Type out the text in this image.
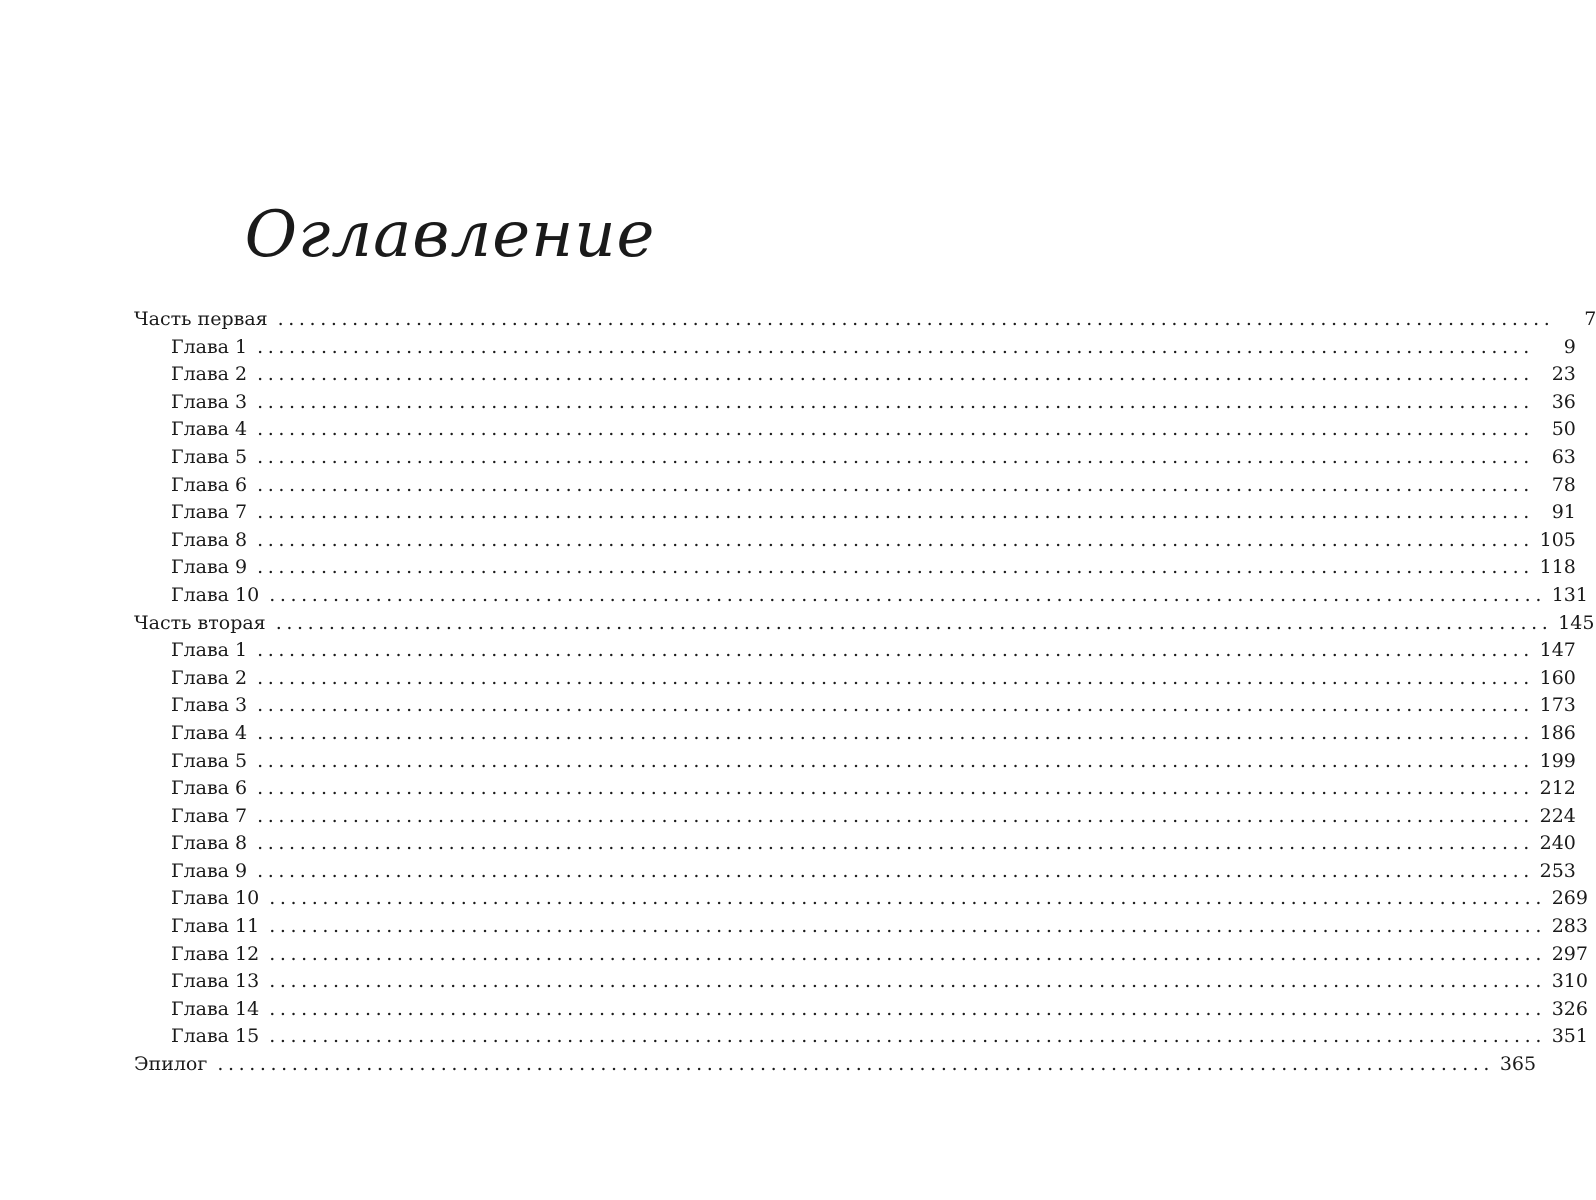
Оглавление
Часть первая ........................................................................................................................	7
Глава 1 ........................................................................................................................	9
Глава 2 ........................................................................................................................ 23
Глава 3 ........................................................................................................................ 36
Глава 4 ........................................................................................................................ 50
Глава 5 ........................................................................................................................ 63
Глава 6 ........................................................................................................................ 78
Глава 7 ........................................................................................................................ 91
Глава 8 ........................................................................................................................ 105
Глава 9 ........................................................................................................................ 118
Глава 10 ........................................................................................................................ 131
Часть вторая ........................................................................................................................ 145
Глава 1 ........................................................................................................................ 147
Глава 2 ........................................................................................................................ 160
Глава 3 ........................................................................................................................ 173
Глава 4 ........................................................................................................................ 186
Глава 5 ........................................................................................................................ 199
Глава 6 ........................................................................................................................ 212
Глава 7 ........................................................................................................................ 224
Глава 8 ........................................................................................................................ 240
Глава 9 ........................................................................................................................ 253
Глава 10 ........................................................................................................................ 269
Глава 11 ........................................................................................................................ 283
Глава 12 ........................................................................................................................ 297
Глава 13 ........................................................................................................................ 310
Глава 14 ........................................................................................................................ 326
Глава 15 ........................................................................................................................ 351
Эпилог ........................................................................................................................ 365
